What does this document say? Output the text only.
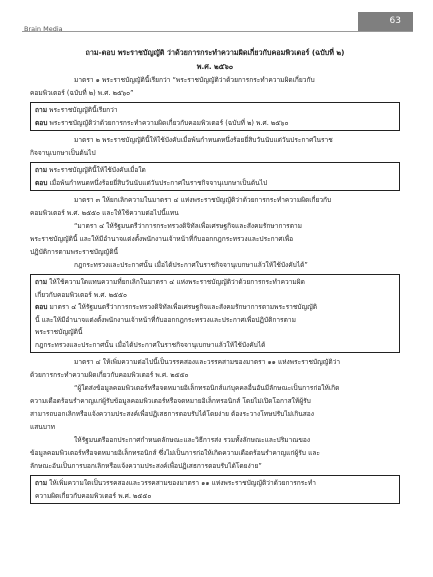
Brain Media
63
ถาม-ตอบ พระราชบัญญัติ ว่าด้วยการกระทำความผิดเกี่ยวกับคอมพิวเตอร์ (ฉบับที่ ๒)
พ.ศ. ๒๕๖๐

มาตรา ๑ พระราชบัญญัตินี้เรียกว่า “พระราชบัญญัติว่าด้วยการกระทำความผิดเกี่ยวกับ

คอมพิวเตอร์ (ฉบับที่ ๒) พ.ศ. ๒๕๖๐”

ถาม พระราชบัญญัตินี้เรียกว่า

ตอบ พระราชบัญญัติว่าด้วยการกระทำความผิดเกี่ยวกับคอมพิวเตอร์ (ฉบับที่ ๒) พ.ศ. ๒๕๖๐

มาตรา ๒ พระราชบัญญัตินี้ให้ใช้บังคับเมื่อพ้นกำหนดหนึ่งร้อยยี่สิบวันนับแต่วันประกาศในราช

กิจจานุเบกษาเป็นต้นไป

ถาม พระราชบัญญัตินี้ให้ใช้บังคับเมื่อใด

ตอบ เมื่อพ้นกำหนดหนึ่งร้อยยี่สิบวันนับแต่วันประกาศในราชกิจจานุเบกษาเป็นต้นไป

มาตรา ๓ ให้ยกเลิกความในมาตรา ๔ แห่งพระราชบัญญัติว่าด้วยการกระทำความผิดเกี่ยวกับ

คอมพิวเตอร์ พ.ศ. ๒๕๕๐ และให้ใช้ความต่อไปนี้แทน

“มาตรา ๔ ให้รัฐมนตรีว่าการกระทรวงดิจิทัลเพื่อเศรษฐกิจและสังคมรักษาการตาม

พระราชบัญญัตินี้ และให้มีอำนาจแต่งตั้งพนักงานเจ้าหน้าที่กับออกกฎกระทรวงและประกาศเพื่อ

ปฏิบัติการตามพระราชบัญญัตินี้

กฎกระทรวงและประกาศนั้น เมื่อได้ประกาศในราชกิจจานุเบกษาแล้วให้ใช้บังคับได้”

ถาม ให้ใช้ความใดแทนความที่ยกเลิกในมาตรา ๔ แห่งพระราชบัญญัติว่าด้วยการกระทำความผิด

เกี่ยวกับคอมพิวเตอร์ พ.ศ. ๒๕๕๐

ตอบ มาตรา ๔ ให้รัฐมนตรีว่าการกระทรวงดิจิทัลเพื่อเศรษฐกิจและสังคมรักษาการตามพระราชบัญญัติ

นี้ และให้มีอำนาจแต่งตั้งพนักงานเจ้าหน้าที่กับออกกฎกระทรวงและประกาศเพื่อปฏิบัติการตาม

พระราชบัญญัตินี้

กฎกระทรวงและประกาศนั้น เมื่อได้ประกาศในราชกิจจานุเบกษาแล้วให้ใช้บังคับได้

มาตรา ๔ ให้เพิ่มความต่อไปนี้เป็นวรรคสองและวรรคสามของมาตรา ๑๑ แห่งพระราชบัญญัติว่า

ด้วยการกระทำความผิดเกี่ยวกับคอมพิวเตอร์ พ.ศ. ๒๕๕๐

“ผู้ใดส่งข้อมูลคอมพิวเตอร์หรือจดหมายอิเล็กทรอนิกส์แก่บุคคลอื่นอันมีลักษณะเป็นการก่อให้เกิด

ความเดือดร้อนรำคาญแก่ผู้รับข้อมูลคอมพิวเตอร์หรือจดหมายอิเล็กทรอนิกส์ โดยไม่เปิดโอกาสให้ผู้รับ

สามารถบอกเลิกหรือแจ้งความประสงค์เพื่อปฏิเสธการตอบรับได้โดยง่าย ต้องระวางโทษปรับไม่เกินสอง

แสนบาท

ให้รัฐมนตรีออกประกาศกำหนดลักษณะและวิธีการส่ง รวมทั้งลักษณะและปริมาณของ

ข้อมูลคอมพิวเตอร์หรือจดหมายอิเล็กทรอนิกส์ ซึ่งไม่เป็นการก่อให้เกิดความเดือดร้อนรำคาญแก่ผู้รับ และ

ลักษณะอันเป็นการบอกเลิกหรือแจ้งความประสงค์เพื่อปฏิเสธการตอบรับได้โดยง่าย”

ถาม ให้เพิ่มความใดเป็นวรรคสองและวรรคสามของมาตรา ๑๑ แห่งพระราชบัญญัติว่าด้วยการกระทำ

ความผิดเกี่ยวกับคอมพิวเตอร์ พ.ศ. ๒๕๕๐
